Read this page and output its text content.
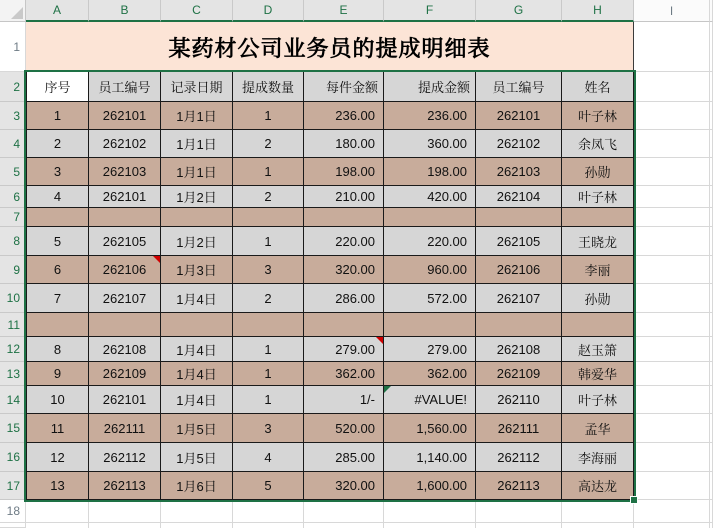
某药材公司业务员的提成明细表
A	B	C	D	E	F	G	H	I
1
2
3
4
5
6
7
8
9
10
11
12
13
14
15
16
17
18
序号	员工编号	记录日期	提成数量	每件金额	提成金额	员工编号	姓名
1	262101	1月1日	1	236.00	236.00	262101	叶子林
2	262102	1月1日	2	180.00	360.00	262102	余凤飞
3	262103	1月1日	1	198.00	198.00	262103	孙勋
4	262101	1月2日	2	210.00	420.00	262104	叶子林
5	262105	1月2日	1	220.00	220.00	262105	王晓龙
6	262106	1月3日	3	320.00	960.00	262106	李丽
7	262107	1月4日	2	286.00	572.00	262107	孙勋
8	262108	1月4日	1	279.00	279.00	262108	赵玉箫
9	262109	1月4日	1	362.00	362.00	262109	韩爱华
10	262101	1月4日	1	1/-	#VALUE!	262110	叶子林
11	262111	1月5日	3	520.00	1,560.00	262111	孟华
12	262112	1月5日	4	285.00	1,140.00	262112	李海丽
13	262113	1月6日	5	320.00	1,600.00	262113	高达龙
